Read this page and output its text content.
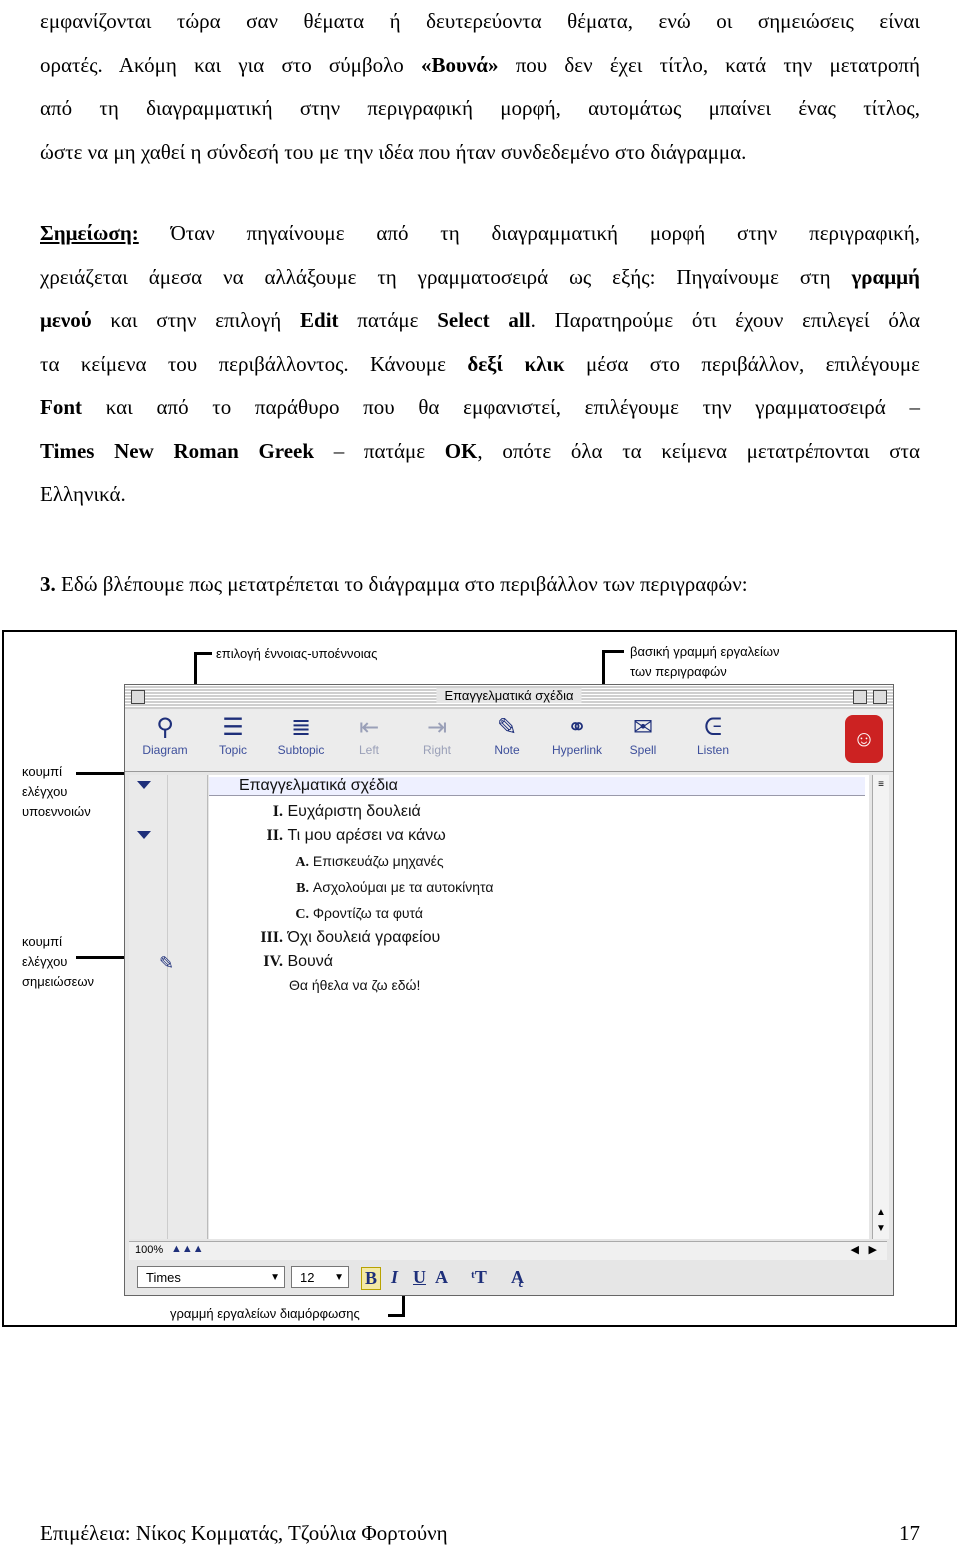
εμφανίζονται τώρα σαν θέματα ή δευτερεύοντα θέματα, ενώ οι σημειώσεις είναι
ορατές. Ακόμη και για στο σύμβολο «Βουνά» που δεν έχει τίτλο, κατά την μετατροπή
από τη διαγραμματική στην περιγραφική μορφή, αυτομάτως μπαίνει ένας τίτλος,
ώστε να μη χαθεί η σύνδεσή του με την ιδέα που ήταν συνδεδεμένο στο διάγραμμα.
Σημείωση: Όταν πηγαίνουμε από τη διαγραμματική μορφή στην περιγραφική,
χρειάζεται άμεσα να αλλάξουμε τη γραμματοσειρά ως εξής: Πηγαίνουμε στη γραμμή
μενού και στην επιλογή Edit πατάμε Select all. Παρατηρούμε ότι έχουν επιλεγεί όλα
τα κείμενα του περιβάλλοντος. Κάνουμε δεξί κλικ μέσα στο περιβάλλον, επιλέγουμε
Font και από το παράθυρο που θα εμφανιστεί, επιλέγουμε την γραμματοσειρά –
Times New Roman Greek – πατάμε OK, οπότε όλα τα κείμενα μετατρέπονται στα
Ελληνικά.
3. Εδώ βλέπουμε πως μετατρέπεται το διάγραμμα στο περιβάλλον των περιγραφών:
επιλογή έννοιας-υποέννοιας	βασική γραμμή εργαλείων
των περιγραφών
κουμπί
ελέγχου
υποεννοιών
κουμπί
ελέγχου
σημειώσεων
γραμμή εργαλείων διαμόρφωσης
Επαγγελματικά σχέδια
⚲
Diagram
☰
Topic
≣
Subtopic
⇤
Left
⇥
Right
✎
Note
⚭
Hyperlink
✉
Spell
ᕮ
Listen	☺
✎
Επαγγελματικά σχέδια
I. Ευχάριστη δουλειά
II. Τι μου αρέσει να κάνω
A. Επισκευάζω μηχανές
B. Ασχολούμαι με τα αυτοκίνητα
C. Φροντίζω τα φυτά
III. Όχι δουλειά γραφείου
IV. Βουνά
Θα ήθελα να ζω εδώ!
≡
▲
▼
100% ▲▲▲	◀ ▶
Times	▼	12 ▼ B I U A ᵗT Ą
Επιμέλεια: Νίκος Κομματάς, Τζούλια Φορτούνη	17
